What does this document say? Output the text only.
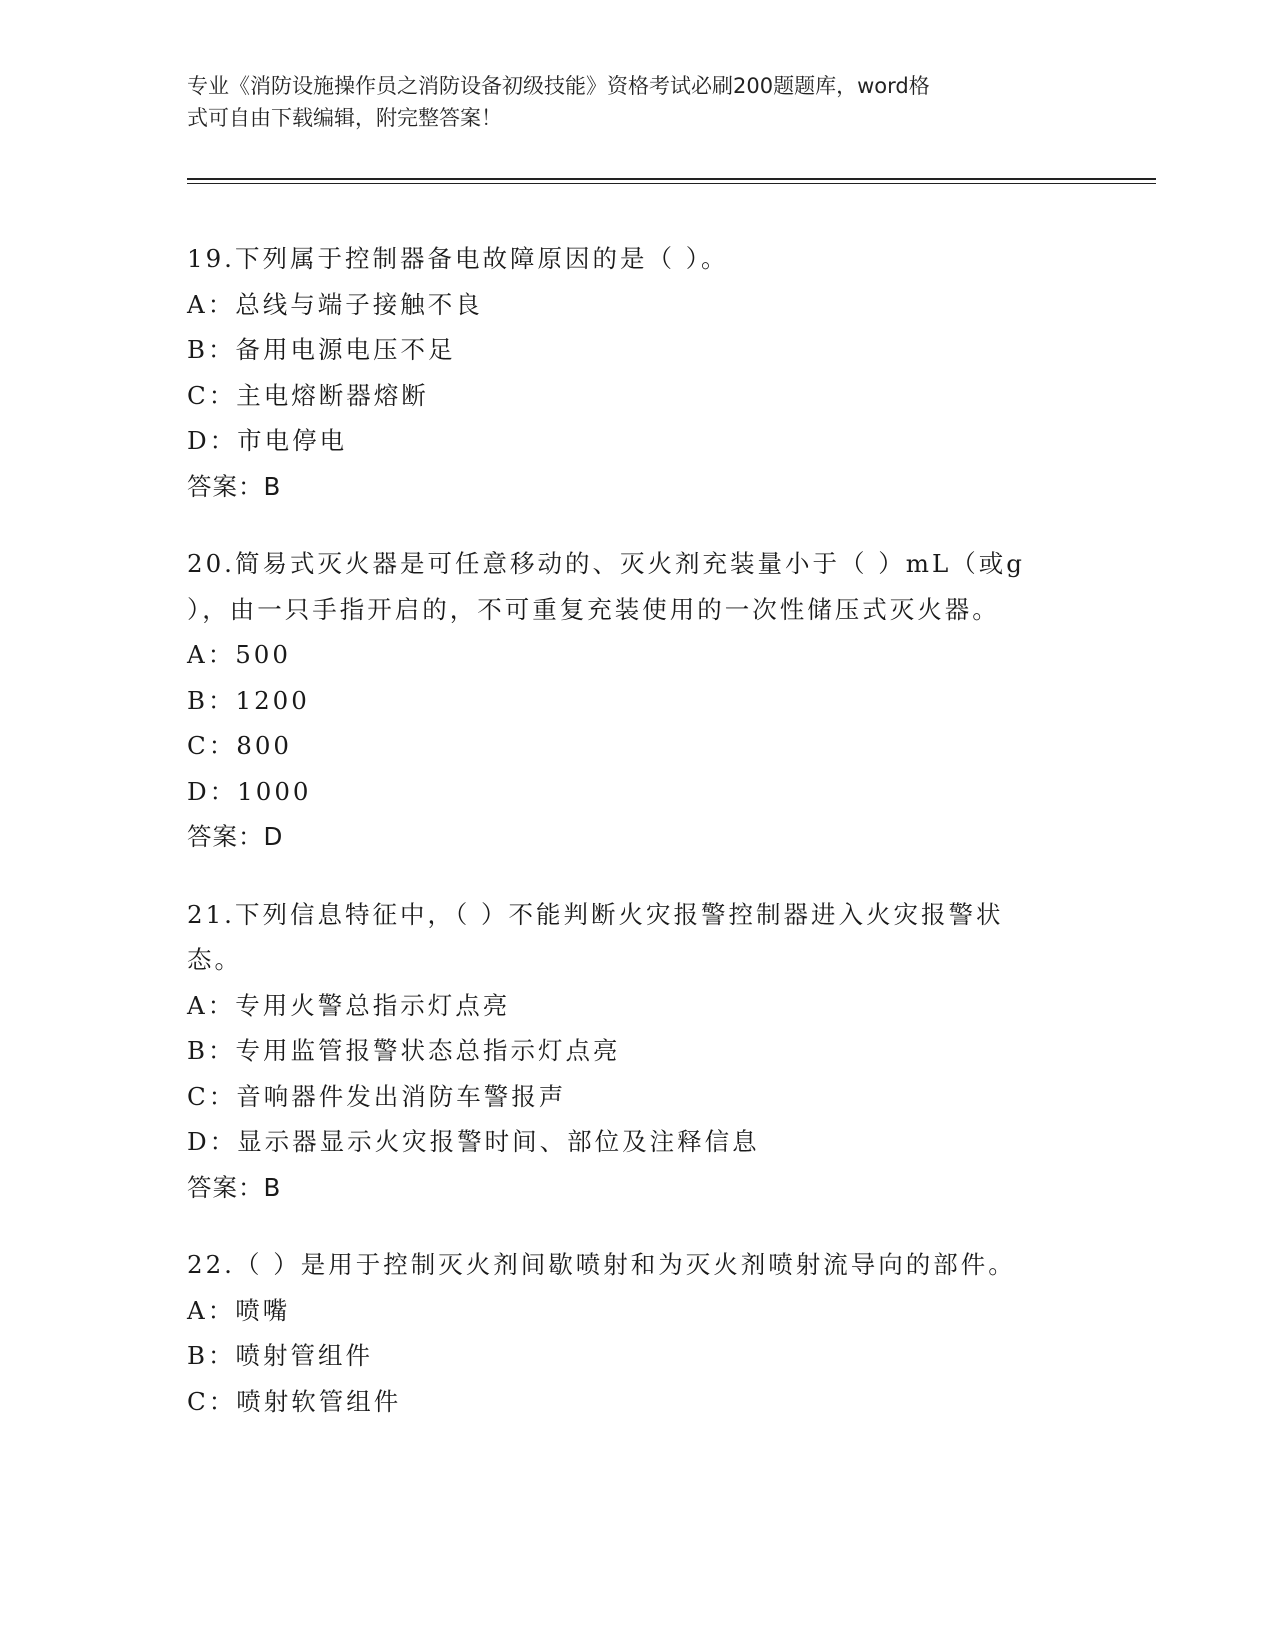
专业《消防设施操作员之消防设备初级技能》资格考试必刷200题题库，word格
式可自由下载编辑，附完整答案！
19.下列属于控制器备电故障原因的是（ ）。
A：总线与端子接触不良
B：备用电源电压不足
C：主电熔断器熔断
D：市电停电
答案：B
20.简易式灭火器是可任意移动的、灭火剂充装量小于（ ）mL（或g
），由一只手指开启的，不可重复充装使用的一次性储压式灭火器。
A：500
B：1200
C：800
D：1000
答案：D
21.下列信息特征中，（ ）不能判断火灾报警控制器进入火灾报警状
态。
A：专用火警总指示灯点亮
B：专用监管报警状态总指示灯点亮
C：音响器件发出消防车警报声
D：显示器显示火灾报警时间、部位及注释信息
答案：B
22.（ ）是用于控制灭火剂间歇喷射和为灭火剂喷射流导向的部件。
A：喷嘴
B：喷射管组件
C：喷射软管组件
